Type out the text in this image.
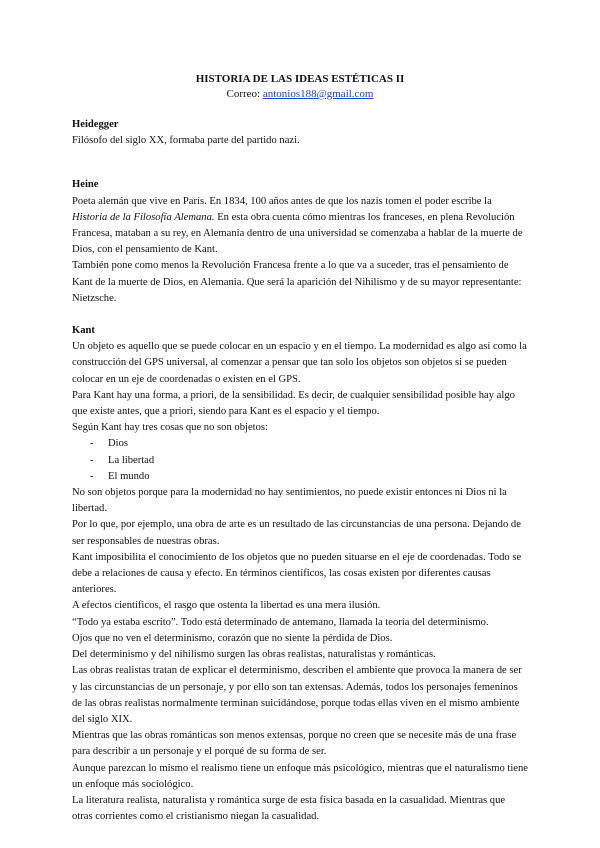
HISTORIA DE LAS IDEAS ESTÉTICAS II

Correo: antonios188@gmail.com

Heidegger

Filósofo del siglo XX, formaba parte del partido nazi.

Heine

Poeta alemán que vive en París. En 1834, 100 años antes de que los nazis tomen el poder escribe la Historia de la Filosofía Alemana. En esta obra cuenta cómo mientras los franceses, en plena Revolución Francesa, mataban a su rey, en Alemania dentro de una universidad se comenzaba a hablar de la muerte de Dios, con el pensamiento de Kant.

También pone como menos la Revolución Francesa frente a lo que va a suceder, tras el pensamiento de Kant de la muerte de Dios, en Alemania. Que será la aparición del Nihilismo y de su mayor representante: Nietzsche.

Kant

Un objeto es aquello que se puede colocar en un espacio y en el tiempo. La modernidad es algo así como la construcción del GPS universal, al comenzar a pensar que tan solo los objetos son objetos si se pueden colocar en un eje de coordenadas o existen en el GPS.

Para Kant hay una forma, a priori, de la sensibilidad. Es decir, de cualquier sensibilidad posible hay algo que existe antes, que a priori, siendo para Kant es el espacio y el tiempo.

Según Kant hay tres cosas que no son objetos:

-	Dios
-	La libertad
-	El mundo

No son objetos porque para la modernidad no hay sentimientos, no puede existir entonces ni Dios ni la libertad.

Por lo que, por ejemplo, una obra de arte es un resultado de las circunstancias de una persona. Dejando de ser responsables de nuestras obras.

Kant imposibilita el conocimiento de los objetos que no pueden situarse en el eje de coordenadas. Todo se debe a relaciones de causa y efecto. En términos científicos, las cosas existen por diferentes causas anteriores.

A efectos científicos, el rasgo que ostenta la libertad es una mera ilusión.

“Todo ya estaba escrito”. Todo está determinado de antemano, llamada la teoría del determinismo.

Ojos que no ven el determinismo, corazón que no siente la pérdida de Dios.

Del determinismo y del nihilismo surgen las obras realistas, naturalistas y románticas.

Las obras realistas tratan de explicar el determinismo, describen el ambiente que provoca la manera de ser y las circunstancias de un personaje, y por ello son tan extensas. Además, todos los personajes femeninos de las obras realistas normalmente terminan suicidándose, porque todas ellas viven en el mismo ambiente del siglo XIX.

Mientras que las obras románticas son menos extensas, porque no creen que se necesite más de una frase para describir a un personaje y el porqué de su forma de ser.

Aunque parezcan lo mismo el realismo tiene un enfoque más psicológico, mientras que el naturalismo tiene un enfoque más sociológico.

La literatura realista, naturalista y romántica surge de esta física basada en la casualidad. Mientras que otras corrientes como el cristianismo niegan la casualidad.
